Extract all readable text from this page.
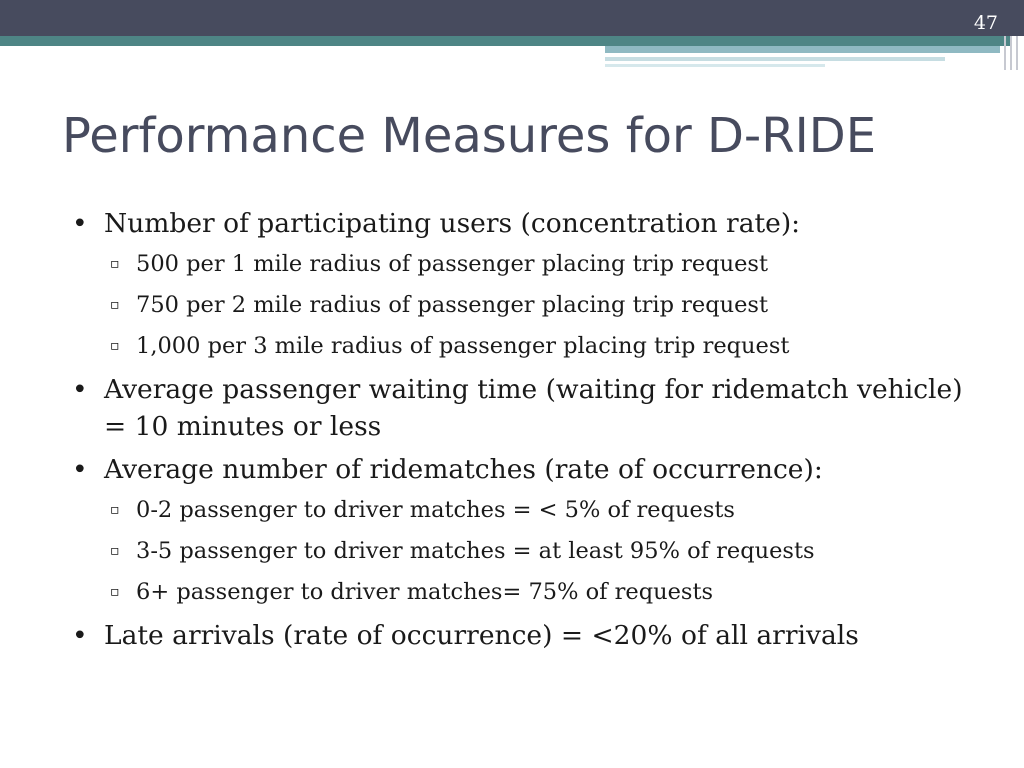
47
Performance Measures for D-RIDE
• Number of participating users (concentration rate):
▫ 500 per 1 mile radius of passenger placing trip request
▫ 750 per 2 mile radius of passenger placing trip request
▫ 1,000 per 3 mile radius of passenger placing trip request
• Average passenger waiting time (waiting for ridematch vehicle) = 10 minutes or less
• Average number of ridematches (rate of occurrence):
▫ 0-2 passenger to driver matches = < 5% of requests
▫ 3-5 passenger to driver matches = at least 95% of requests
▫ 6+ passenger to driver matches= 75% of requests
• Late arrivals (rate of occurrence) = <20% of all arrivals
